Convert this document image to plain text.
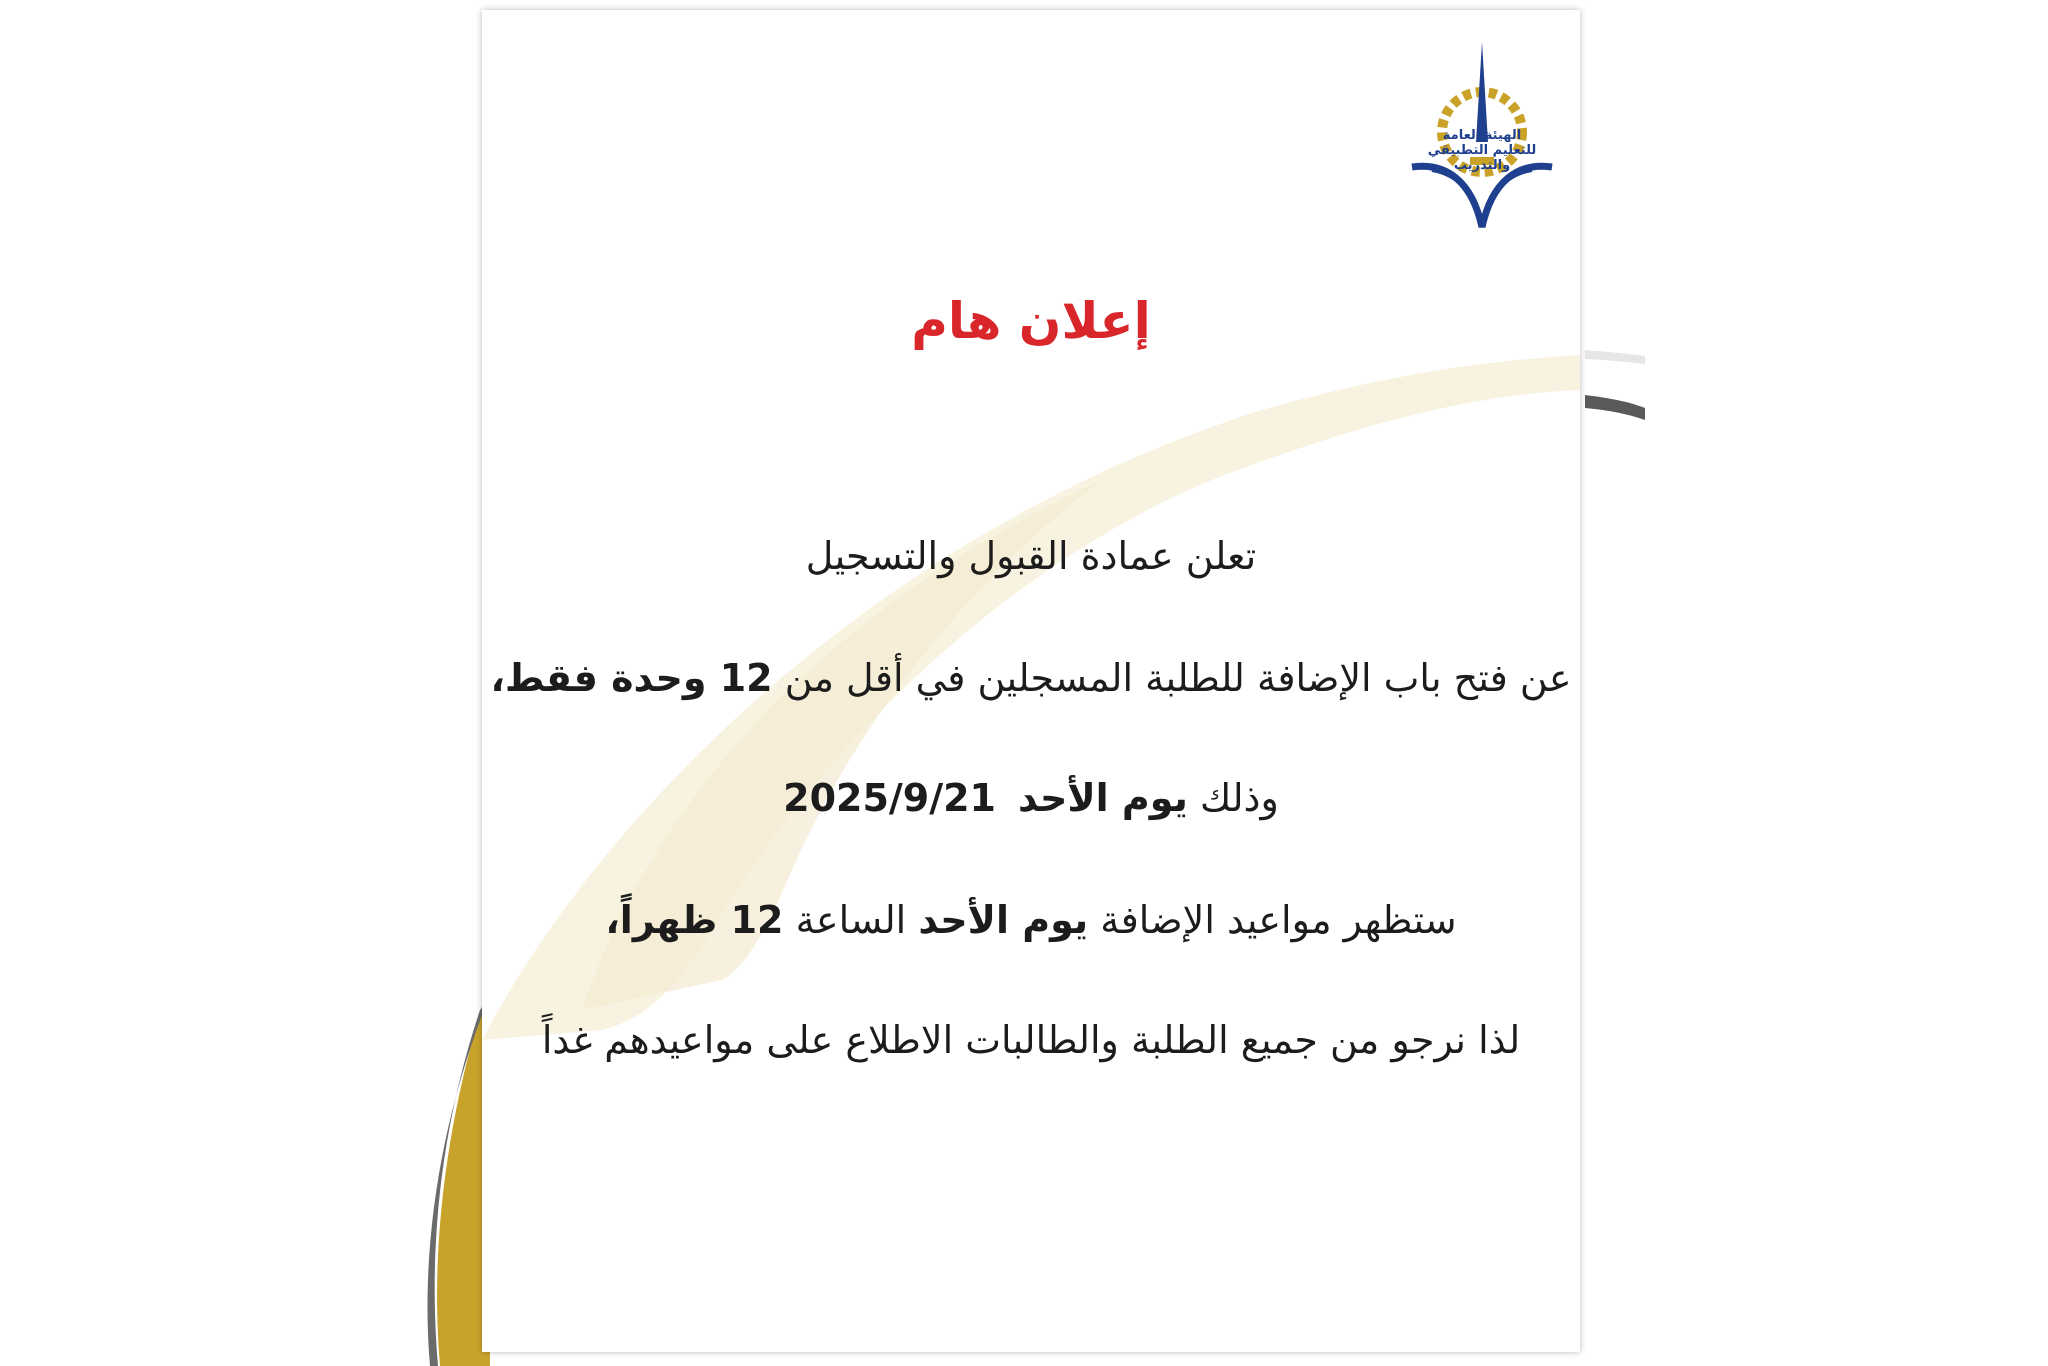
الهيئة العامة
للتعليم التطبيقي والتدريب
إعلان هام

تعلن عمادة القبول والتسجيل

عن فتح باب الإضافة للطلبة المسجلين في أقل من 12 وحدة فقط،

وذلك يوم الأحد2025/9/21

ستظهر مواعيد الإضافة يوم الأحد الساعة 12 ظهراً،

لذا نرجو من جميع الطلبة والطالبات الاطلاع على مواعيدهم غداً
